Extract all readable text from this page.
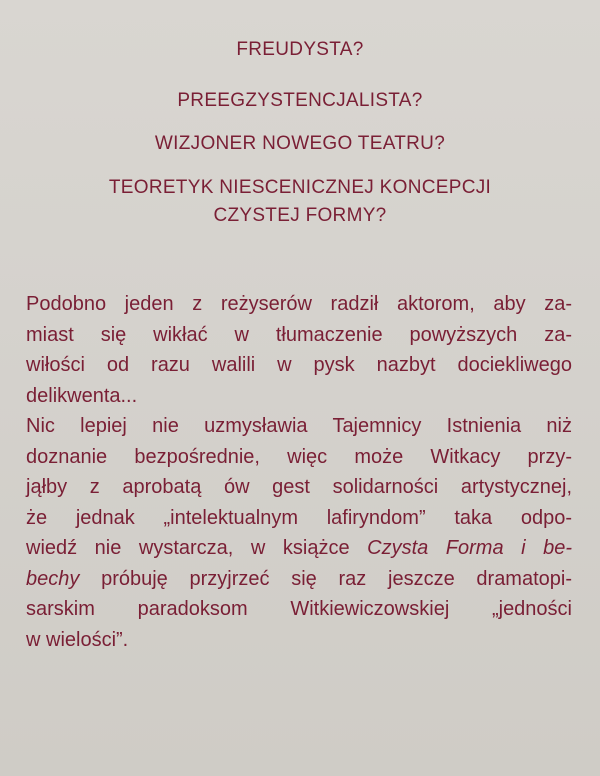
FREUDYSTA?

PREEGZYSTENCJALISTA?

WIZJONER NOWEGO TEATRU?

TEORETYK NIESCENICZNEJ KONCEPCJI
CZYSTEJ FORMY?

Podobno jeden z reżyserów radził aktorom, aby za-
miast się wikłać w tłumaczenie powyższych za-
wiłości od razu walili w pysk nazbyt dociekliwego
delikwenta...
Nic lepiej nie uzmysławia Tajemnicy Istnienia niż
doznanie bezpośrednie, więc może Witkacy przy-
jąłby z aprobatą ów gest solidarności artystycznej,
że jednak „intelektualnym lafiryndom” taka odpo-
wiedź nie wystarcza, w książce Czysta Forma i be-
bechy próbuję przyjrzeć się raz jeszcze dramatopi-
sarskim paradoksom Witkiewiczowskiej „jedności
w wielości”.
